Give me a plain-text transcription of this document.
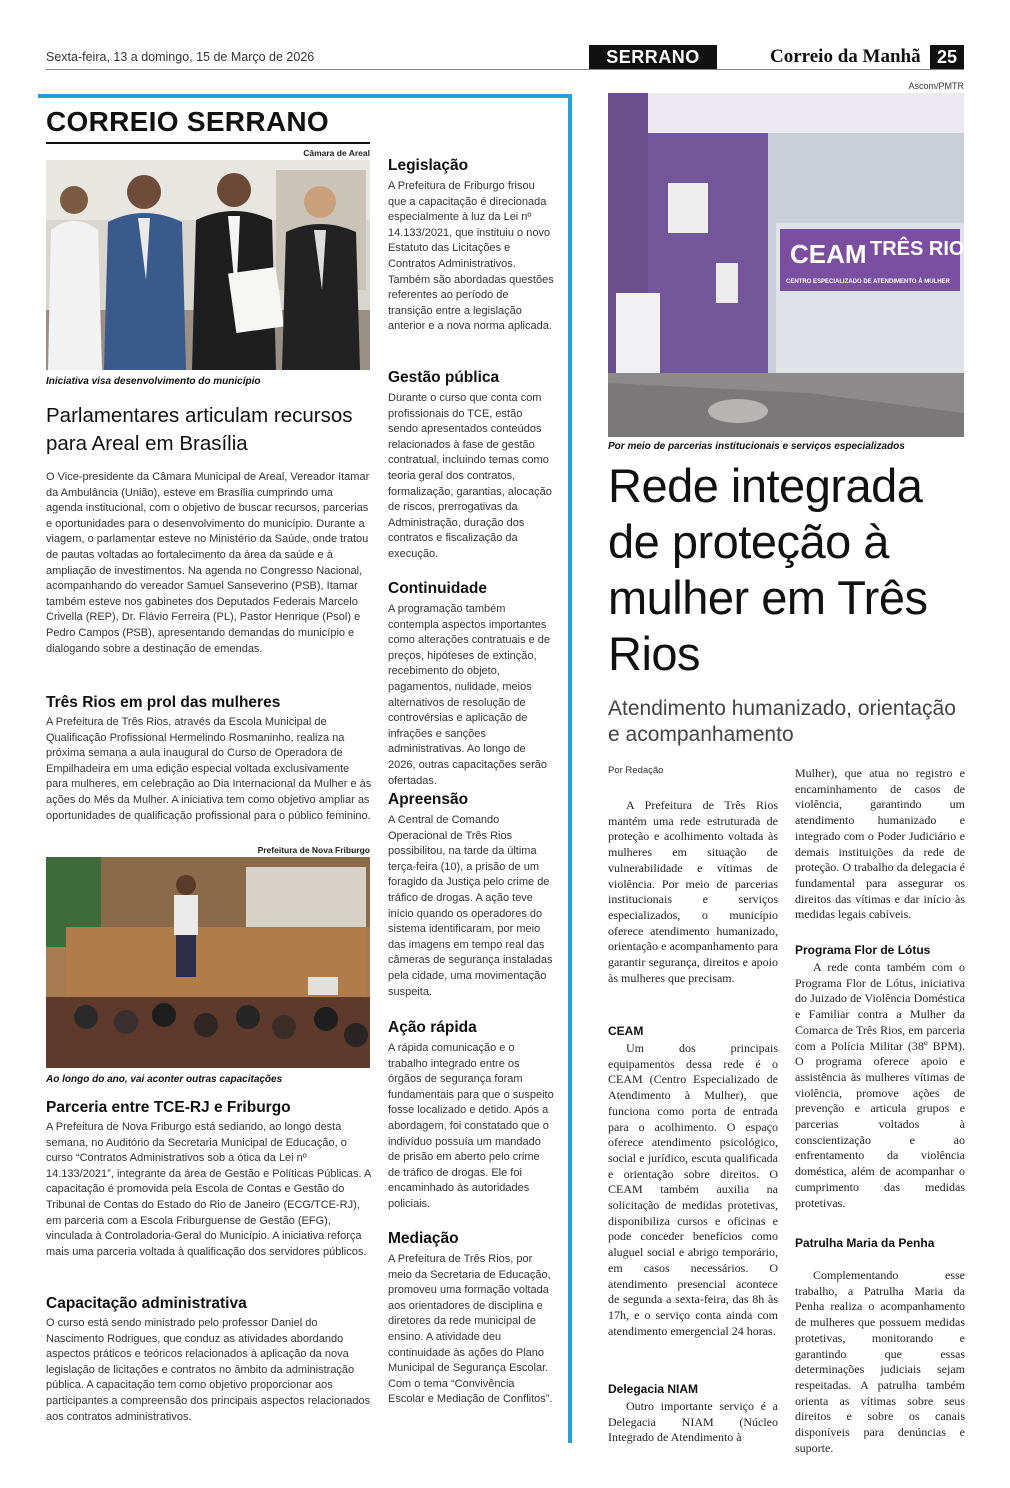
Sexta-feira, 13 a domingo, 15 de Março de 2026	SERRANO	Correio da Manhã 25
CORREIO SERRANO
Câmara de Areal
Iniciativa visa desenvolvimento do município
Parlamentares articulam recursos para Areal em Brasília
O Vice-presidente da Câmara Municipal de Areal, Vereador Itamar da Ambulância (União), esteve em Brasília cumprindo uma agenda institucional, com o objetivo de buscar recursos, parcerias e oportunidades para o desenvolvimento do município. Durante a viagem, o parlamentar esteve no Ministério da Saúde, onde tratou de pautas voltadas ao fortalecimento da área da saúde e à ampliação de investimentos. Na agenda no Congresso Nacional, acompanhando do vereador Samuel Sanseverino (PSB), Itamar também esteve nos gabinetes dos Deputados Federais Marcelo Crivella (REP), Dr. Flávio Ferreira (PL), Pastor Henrique (Psol) e Pedro Campos (PSB), apresentando demandas do município e dialogando sobre a destinação de emendas.
Três Rios em prol das mulheres
A Prefeitura de Três Rios, através da Escola Municipal de Qualificação Profissional Hermelindo Rosmaninho, realiza na próxima semana a aula inaugural do Curso de Operadora de Empilhadeira em uma edição especial voltada exclusivamente para mulheres, em celebração ao Dia Internacional da Mulher e às ações do Mês da Mulher. A iniciativa tem como objetivo ampliar as oportunidades de qualificação profissional para o público feminino.
Prefeitura de Nova Friburgo
Ao longo do ano, vai aconter outras capacitações
Parceria entre TCE-RJ e Friburgo
A Prefeitura de Nova Friburgo está sediando, ao longo desta semana, no Auditório da Secretaria Municipal de Educação, o curso “Contratos Administrativos sob a ótica da Lei nº 14.133/2021”, integrante da área de Gestão e Políticas Públicas. A capacitação é promovida pela Escola de Contas e Gestão do Tribunal de Contas do Estado do Rio de Janeiro (ECG/TCE-RJ), em parceria com a Escola Friburguense de Gestão (EFG), vinculada à Controladoria-Geral do Município. A iniciativa reforça mais uma parceria voltada à qualificação dos servidores públicos.
Capacitação administrativa
O curso está sendo ministrado pelo professor Daniel do Nascimento Rodrigues, que conduz as atividades abordando aspectos práticos e teóricos relacionados à aplicação da nova legislação de licitações e contratos no âmbito da administração pública. A capacitação tem como objetivo proporcionar aos participantes a compreensão dos principais aspectos relacionados aos contratos administrativos.
Legislação
A Prefeitura de Friburgo frisou que a capacitação é direcionada especialmente à luz da Lei nº 14.133/2021, que instituiu o novo Estatuto das Licitações e Contratos Administrativos. Também são abordadas questões referentes ao período de transição entre a legislação anterior e a nova norma aplicada.
Gestão pública
Durante o curso que conta com profissionais do TCE, estão sendo apresentados conteúdos relacionados à fase de gestão contratual, incluindo temas como teoria geral dos contratos, formalização, garantias, alocação de riscos, prerrogativas da Administração, duração dos contratos e fiscalização da execução.
Continuidade
A programação também contempla aspectos importantes como alterações contratuais e de preços, hipóteses de extinção, recebimento do objeto, pagamentos, nulidade, meios alternativos de resolução de controvérsias e aplicação de infrações e sanções administrativas. Ao longo de 2026, outras capacitações serão ofertadas.
Apreensão
A Central de Comando Operacional de Três Rios possibilitou, na tarde da última terça-feira (10), a prisão de um foragido da Justiça pelo crime de tráfico de drogas. A ação teve início quando os operadores do sistema identificaram, por meio das imagens em tempo real das câmeras de segurança instaladas pela cidade, uma movimentação suspeita.
Ação rápida
A rápida comunicação e o trabalho integrado entre os órgãos de segurança foram fundamentais para que o suspeito fosse localizado e detido. Após a abordagem, foi constatado que o indivíduo possuía um mandado de prisão em aberto pelo crime de tráfico de drogas. Ele foi encaminhado às autoridades policiais.
Mediação
A Prefeitura de Três Rios, por meio da Secretaria de Educação, promoveu uma formação voltada aos orientadores de disciplina e diretores da rede municipal de ensino. A atividade deu continuidade às ações do Plano Municipal de Segurança Escolar. Com o tema “Convivência Escolar e Mediação de Conflitos”.
Ascom/PMTR
CEAM TRÊS RIOS
CENTRO ESPECIALIZADO DE ATENDIMENTO À MULHER
Por meio de parcerias institucionais e serviços especializados
Rede integrada de proteção à mulher em Três Rios
Atendimento humanizado, orientação e acompanhamento
Por Redação
A Prefeitura de Três Rios mantém uma rede estruturada de proteção e acolhimento voltada às mulheres em situação de vulnerabilidade e vítimas de violência. Por meio de parcerias institucionais e serviços especializados, o município oferece atendimento humanizado, orientação e acompanhamento para garantir segurança, direitos e apoio às mulheres que precisam.
CEAM
Um dos principais equipamentos dessa rede é o CEAM (Centro Especializado de Atendimento à Mulher), que funciona como porta de entrada para o acolhimento. O espaço oferece atendimento psicológico, social e jurídico, escuta qualificada e orientação sobre direitos. O CEAM também auxilia na solicitação de medidas protetivas, disponibiliza cursos e oficinas e pode conceder benefícios como aluguel social e abrigo temporário, em casos necessários. O atendimento presencial acontece de segunda a sexta-feira, das 8h às 17h, e o serviço conta ainda com atendimento emergencial 24 horas.
Delegacia NIAM
Outro importante serviço é a Delegacia NIAM (Núcleo Integrado de Atendimento à
Mulher), que atua no registro e encaminhamento de casos de violência, garantindo um atendimento humanizado e integrado com o Poder Judiciário e demais instituições da rede de proteção. O trabalho da delegacia é fundamental para assegurar os direitos das vítimas e dar início às medidas legais cabíveis.
Programa Flor de Lótus
A rede conta também com o Programa Flor de Lótus, iniciativa do Juizado de Violência Doméstica e Familiar contra a Mulher da Comarca de Três Rios, em parceria com a Polícia Militar (38º BPM). O programa oferece apoio e assistência às mulheres vítimas de violência, promove ações de prevenção e articula grupos e parcerias voltados à conscientização e ao enfrentamento da violência doméstica, além de acompanhar o cumprimento das medidas protetivas.
Patrulha Maria da Penha
Complementando esse trabalho, a Patrulha Maria da Penha realiza o acompanhamento de mulheres que possuem medidas protetivas, monitorando e garantindo que essas determinações judiciais sejam respeitadas. A patrulha também orienta as vítimas sobre seus direitos e sobre os canais disponíveis para denúncias e suporte.
